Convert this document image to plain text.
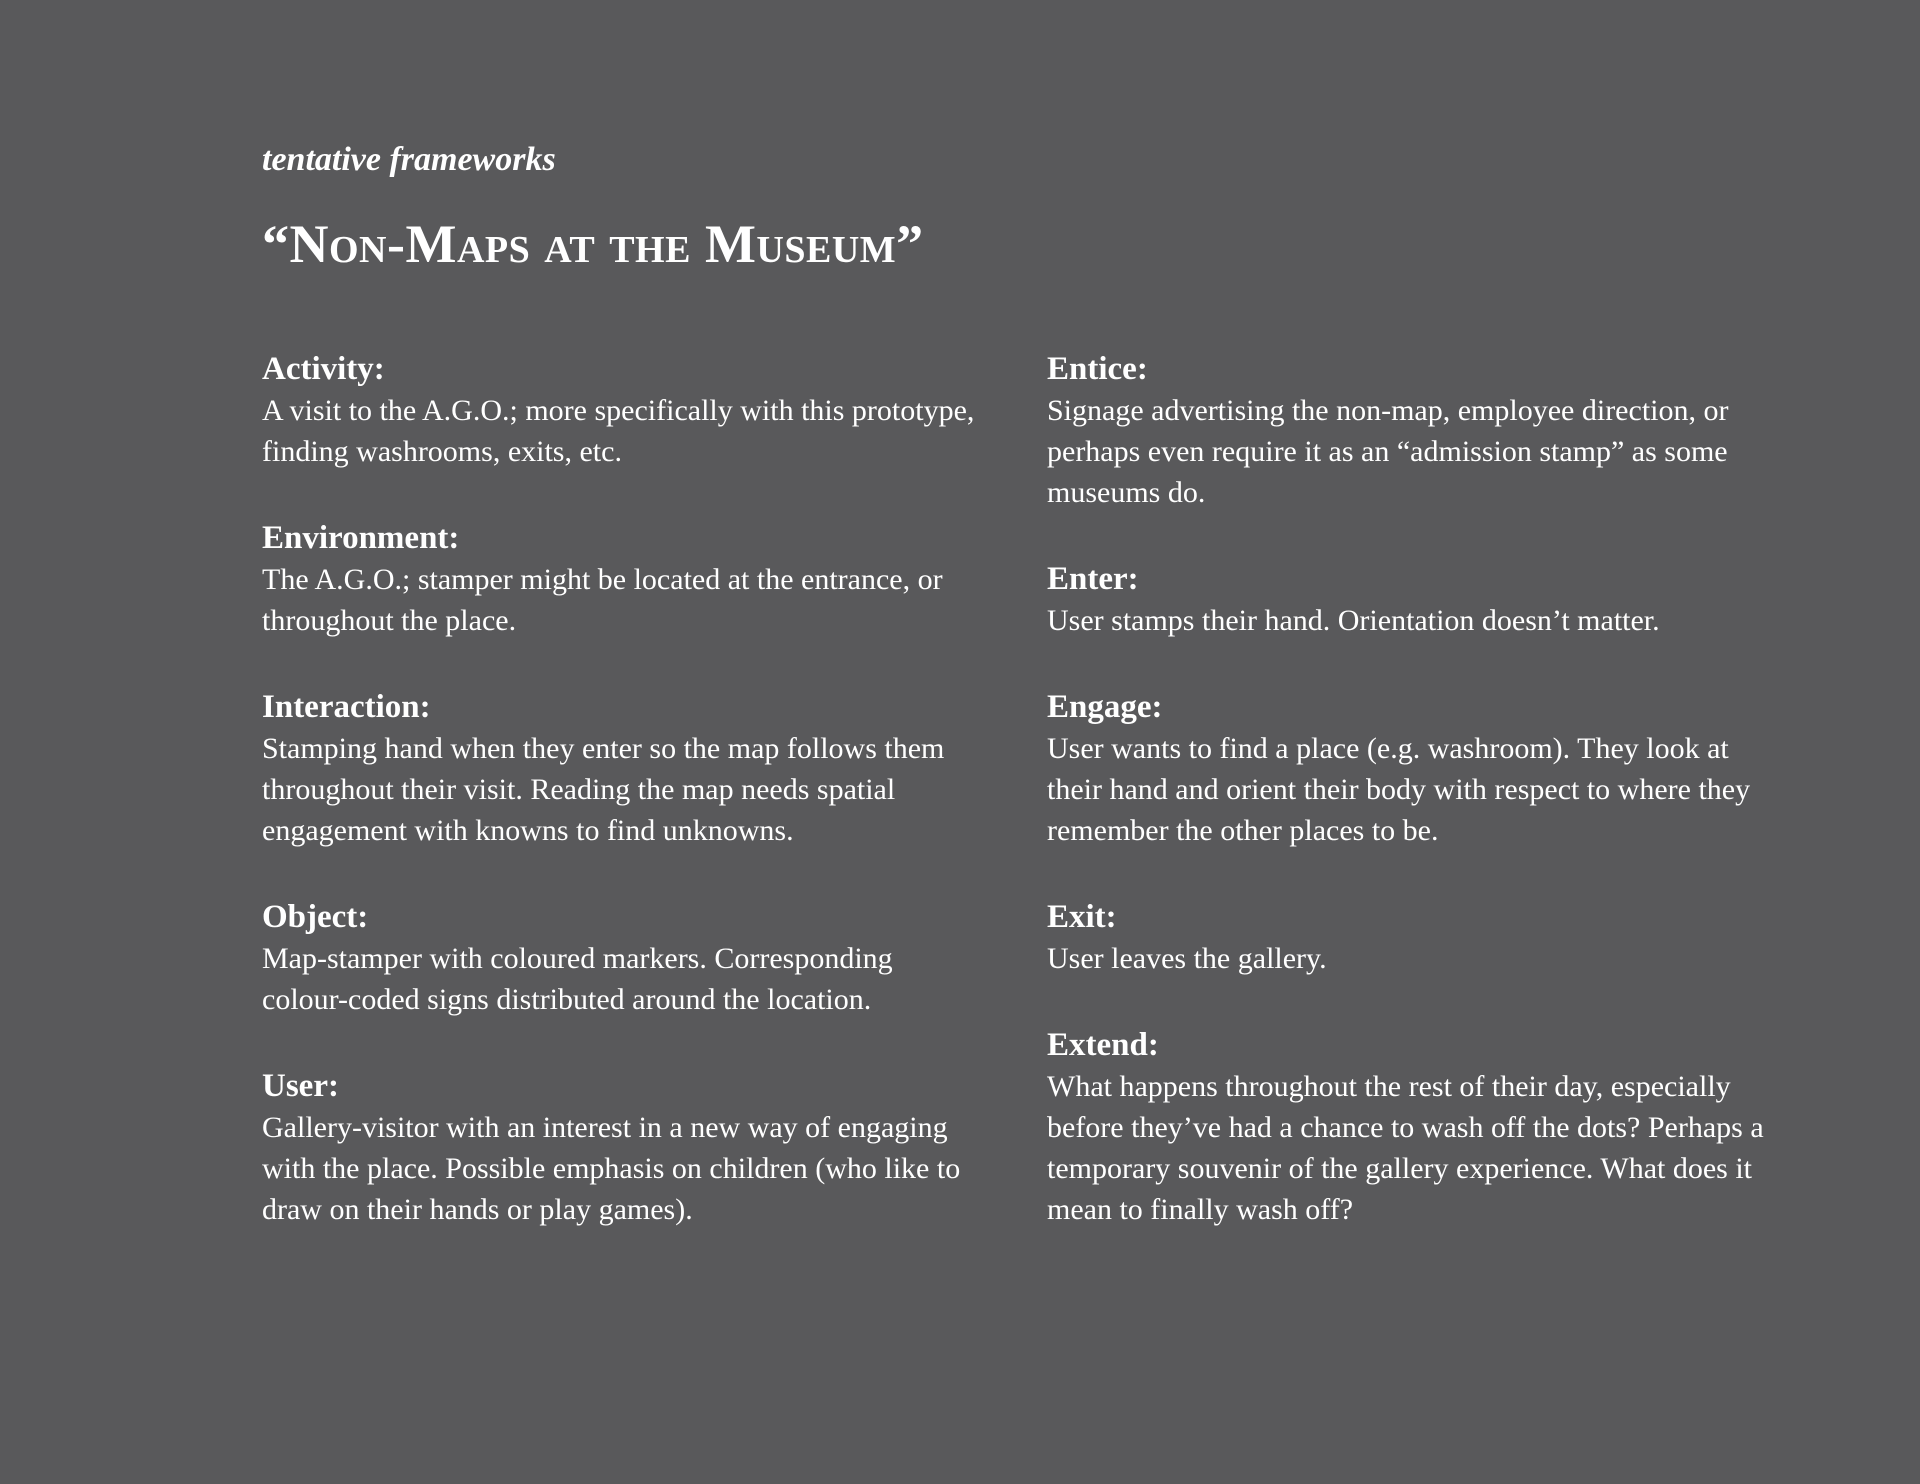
tentative frameworks
“Non-Maps at the Museum”
Activity:

A visit to the A.G.O.; more specifically with this prototype, finding washrooms, exits, etc.

Environment:

The A.G.O.; stamper might be located at the entrance, or throughout the place.

Interaction:

Stamping hand when they enter so the map follows them throughout their visit. Reading the map needs spatial engagement with knowns to find unknowns.

Object:

Map-stamper with coloured markers. Corresponding colour-coded signs distributed around the location.

User:

Gallery-visitor with an interest in a new way of engaging with the place. Possible emphasis on children (who like to draw on their hands or play games).

Entice:

Signage advertising the non-map, employee direction, or perhaps even require it as an “admission stamp” as some museums do.

Enter:

User stamps their hand. Orientation doesn’t matter.

Engage:

User wants to find a place (e.g. washroom). They look at their hand and orient their body with respect to where they remember the other places to be.

Exit:

User leaves the gallery.

Extend:

What happens throughout the rest of their day, especially before they’ve had a chance to wash off the dots? Perhaps a temporary souvenir of the gallery experience. What does it mean to finally wash off?
